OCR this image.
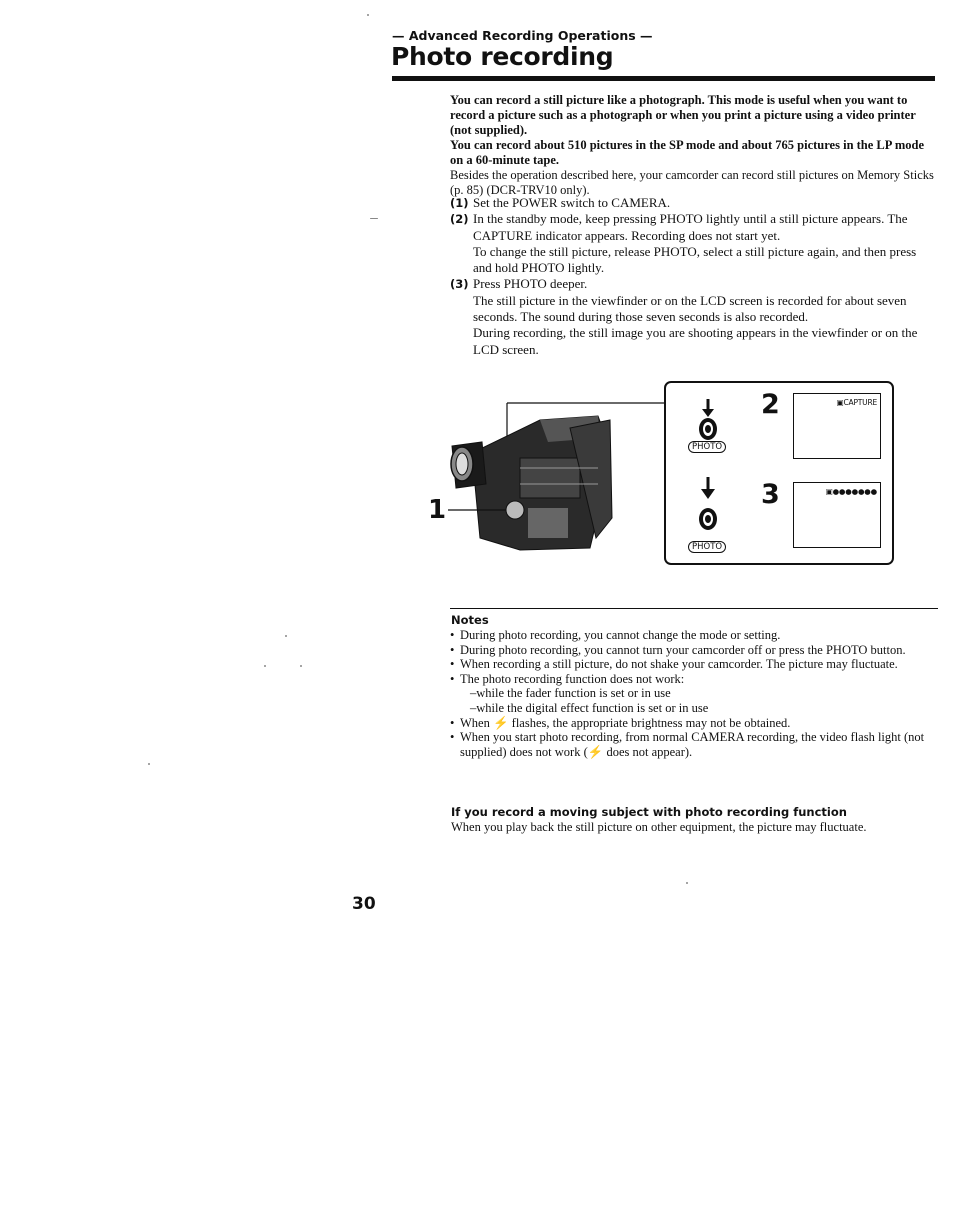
— Advanced Recording Operations —
Photo recording

You can record a still picture like a photograph. This mode is useful when you want to record a picture such as a photograph or when you print a picture using a video printer (not supplied).

You can record about 510 pictures in the SP mode and about 765 pictures in the LP mode on a 60-minute tape.

Besides the operation described here, your camcorder can record still pictures on Memory Sticks (p. 85) (DCR-TRV10 only).

(1) Set the POWER switch to CAMERA.

(2) In the standby mode, keep pressing PHOTO lightly until a still picture appears. The CAPTURE indicator appears. Recording does not start yet.

To change the still picture, release PHOTO, select a still picture again, and then press and hold PHOTO lightly.

(3) Press PHOTO deeper.

The still picture in the viewfinder or on the LCD screen is recorded for about seven seconds. The sound during those seven seconds is also recorded.

During recording, the still image you are shooting appears in the viewfinder or on the LCD screen.

1
PHOTO
2	▣CAPTURE
PHOTO
3	▣●●●●●●●
Notes
• During photo recording, you cannot change the mode or setting.
• During photo recording, you cannot turn your camcorder off or press the PHOTO button.
• When recording a still picture, do not shake your camcorder. The picture may fluctuate.
• The photo recording function does not work:
–while the fader function is set or in use
–while the digital effect function is set or in use
• When ⚡ flashes, the appropriate brightness may not be obtained.
• When you start photo recording, from normal CAMERA recording, the video flash light (not supplied) does not work (⚡ does not appear).
If you record a moving subject with photo recording function
When you play back the still picture on other equipment, the picture may fluctuate.
30
